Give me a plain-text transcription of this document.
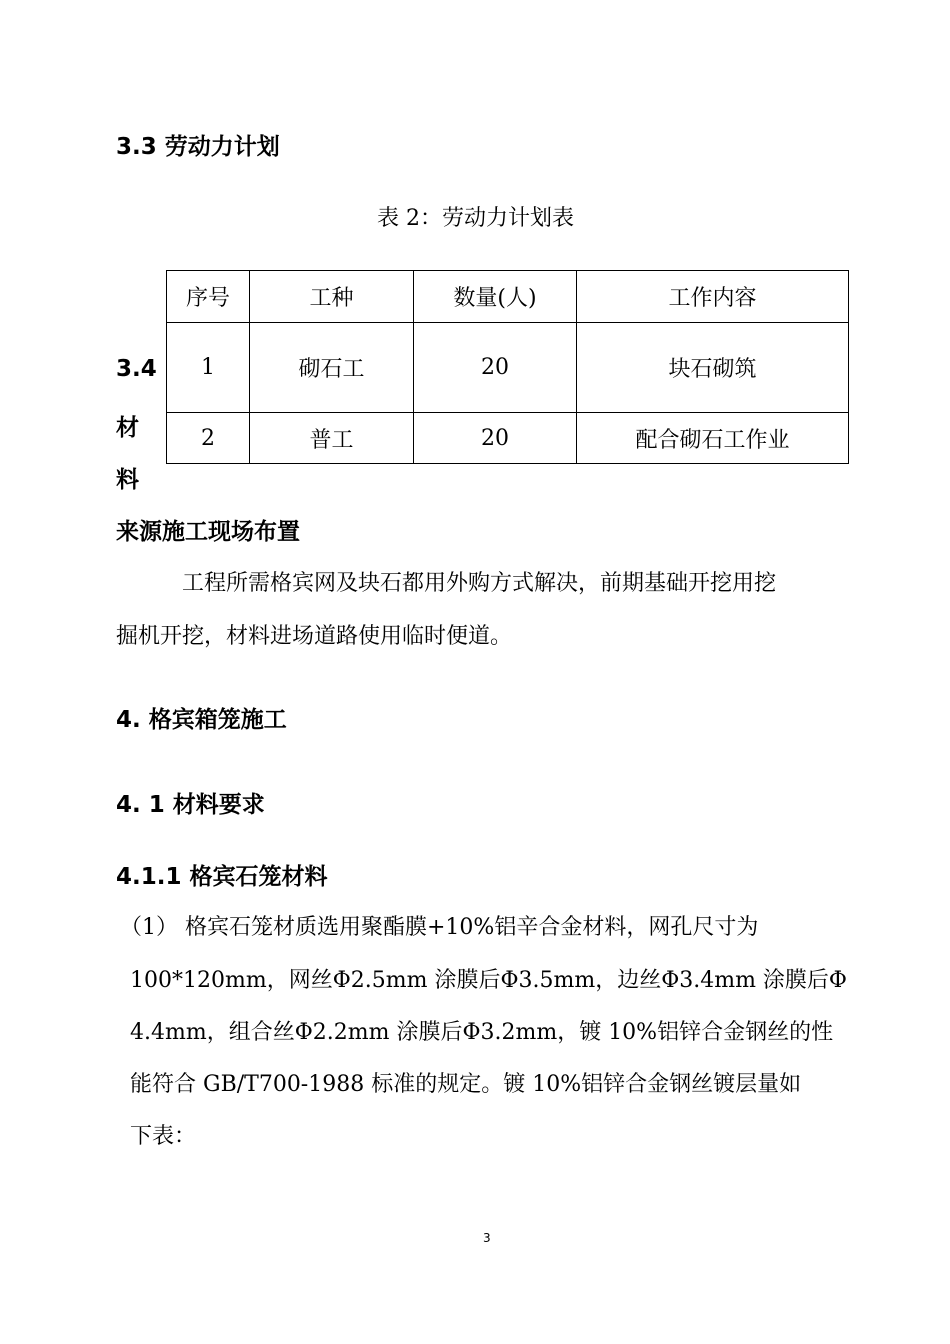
3.3 劳动力计划
表 2：劳动力计划表
序号	工种	数量(人)	工作内容
1	砌石工	20	块石砌筑
2	普工	20	配合砌石工作业
3.4
材
料
来源施工现场布置
工程所需格宾网及块石都用外购方式解决，前期基础开挖用挖
掘机开挖，材料进场道路使用临时便道。
4. 格宾箱笼施工
4. 1 材料要求
4.1.1 格宾石笼材料
（1） 格宾石笼材质选用聚酯膜+10%铝辛合金材料，网孔尺寸为
100*120mm，网丝Φ2.5mm 涂膜后Φ3.5mm，边丝Φ3.4mm 涂膜后Φ
4.4mm，组合丝Φ2.2mm 涂膜后Φ3.2mm，镀 10%铝锌合金钢丝的性
能符合 GB/T700-1988 标准的规定。镀 10%铝锌合金钢丝镀层量如
下表：
3
